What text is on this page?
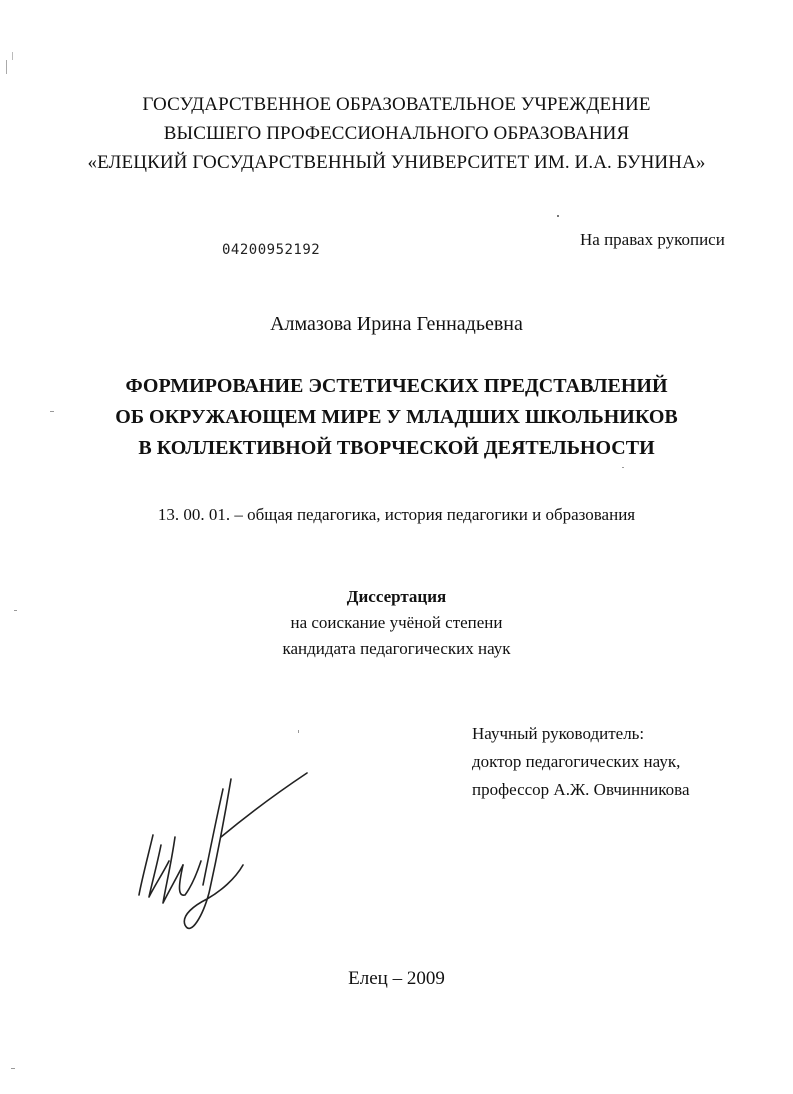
ГОСУДАРСТВЕННОЕ ОБРАЗОВАТЕЛЬНОЕ УЧРЕЖДЕНИЕ
ВЫСШЕГО ПРОФЕССИОНАЛЬНОГО ОБРАЗОВАНИЯ
«ЕЛЕЦКИЙ ГОСУДАРСТВЕННЫЙ УНИВЕРСИТЕТ ИМ. И.А. БУНИНА»
04200952192
На правах рукописи
Алмазова Ирина Геннадьевна
ФОРМИРОВАНИЕ ЭСТЕТИЧЕСКИХ ПРЕДСТАВЛЕНИЙ
ОБ ОКРУЖАЮЩЕМ МИРЕ У МЛАДШИХ ШКОЛЬНИКОВ
В КОЛЛЕКТИВНОЙ ТВОРЧЕСКОЙ ДЕЯТЕЛЬНОСТИ
13. 00. 01. – общая педагогика, история педагогики и образования
Диссертация
на соискание учёной степени
кандидата педагогических наук
Научный руководитель:
доктор педагогических наук,
профессор А.Ж. Овчинникова
Елец – 2009
